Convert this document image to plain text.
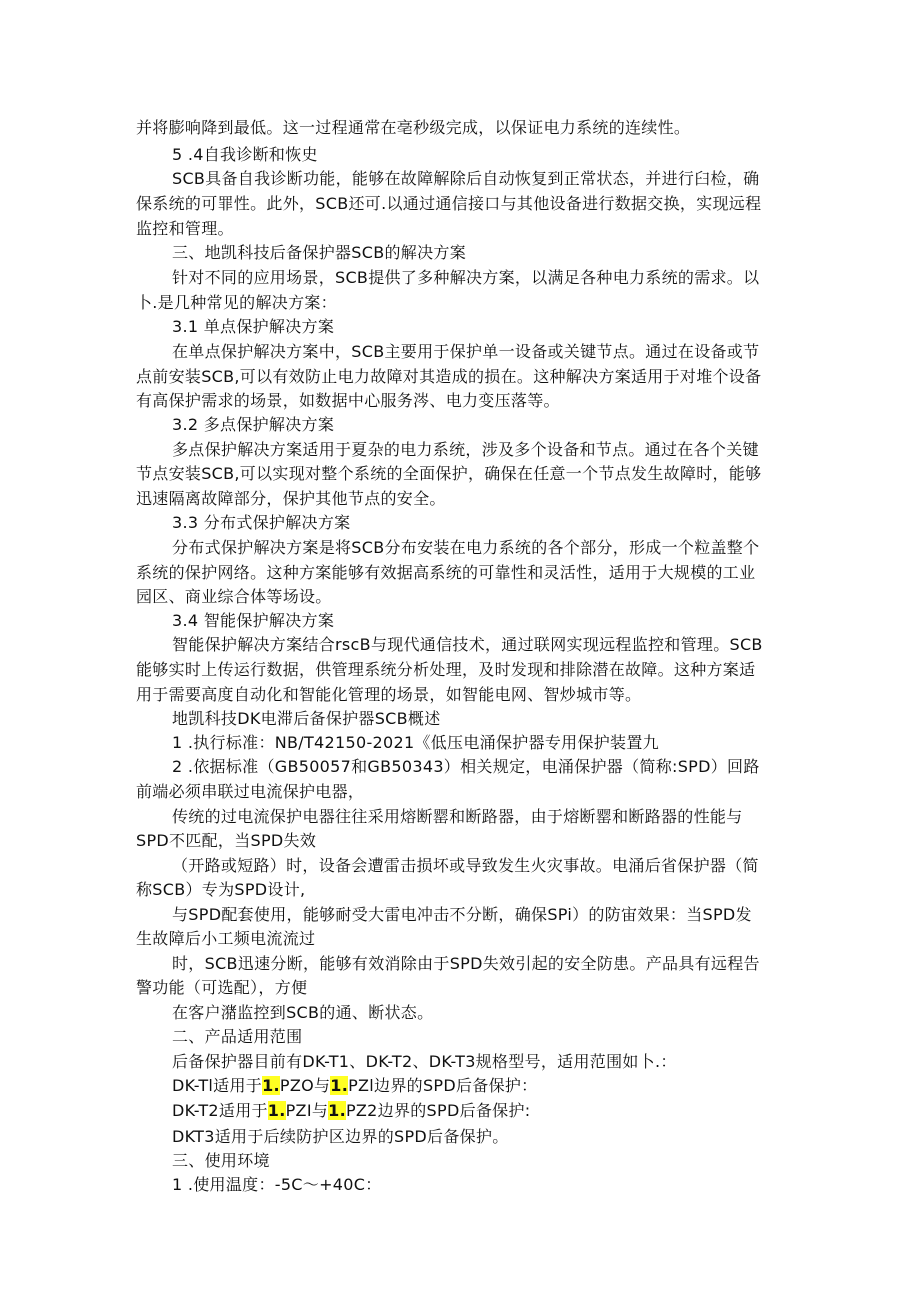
并将膨响降到最低。这一过程通常在亳秒级完成，以保证电力系统的连续性。
5 .4自我诊断和恢史
SCB具备自我诊断功能，能够在故障解除后自动恢复到正常状态，并进行臼检，确
保系统的可罪性。此外，SCB还可.以通过通信接口与其他设备进行数据交换，实现远程
监控和管理。
三、地凯科技后备保护器SCB的解决方案
针对不同的应用场景，SCB提供了多种解决方案，以满足各种电力系统的需求。以
卜.是几种常见的解决方案：
3.1 单点保护解决方案
在单点保护解决方案中，SCB主要用于保护单一设备或关键节点。通过在设备或节
点前安装SCB,可以有效防止电力故障对其造成的损在。这种解决方案适用于对堆个设备
有高保护需求的场景，如数据中心服务涔、电力变压落等。
3.2 多点保护解决方案
多点保护解决方案适用于夏杂的电力系统，涉及多个设备和节点。通过在各个关键
节点安装SCB,可以实现对整个系统的全面保护，确保在任意一个节点发生故障时，能够
迅速隔离故障部分，保护其他节点的安全。
3.3 分布式保护解决方案
分布式保护解决方案是将SCB分布安装在电力系统的各个部分，形成一个粒盖整个
系统的保护网络。这种方案能够有效据高系统的可靠性和灵活性，适用于大规模的工业
园区、商业综合体等场设。
3.4 智能保护解决方案
智能保护解决方案结合rscB与现代通信技术，通过联网实现远程监控和管理。SCB
能够实时上传运行数据，供管理系统分析处理，及时发现和排除潜在故障。这种方案适
用于需要高度自动化和智能化管理的场景，如智能电网、智炒城市等。
地凯科技DK电滞后备保护器SCB概述
1 .执行标准：NB/T42150-2021《低压电涌保护器专用保护装置九
2 .依据标准（GB50057和GB50343）相关规定，电涌保护器（简称:SPD）回路
前端必须串联过电流保护电器，
传统的过电流保护电器往往采用熔断罂和断路器，由于熔断罂和断路器的性能与
SPD不匹配，当SPD失效
（开路或短路）时，设备会遭雷击损坏或导致发生火灾事故。电涌后省保护器（简
称SCB）专为SPD设计,
与SPD配套使用，能够耐受大雷电冲击不分断，确保SPi）的防宙效果：当SPD发
生故障后小工频电流流过
时，SCB迅速分断，能够有效消除由于SPD失效引起的安全防患。产品具有远程告
警功能（可选配），方便
在客户潴监控到SCB的通、断状态。
二、产品适用范围
后备保护器目前有DK-T1、DK-T2、DK-T3规格型号，适用范围如卜.：
DK-Tl适用于1.PZO与1.PZl边界的SPD后备保护：
DK-T2适用于1.PZI与1.PZ2边界的SPD后备保护:
DKT3适用于后续防护区边界的SPD后备保护。
三、使用环境
1 .使用温度：-5C～+40C：
